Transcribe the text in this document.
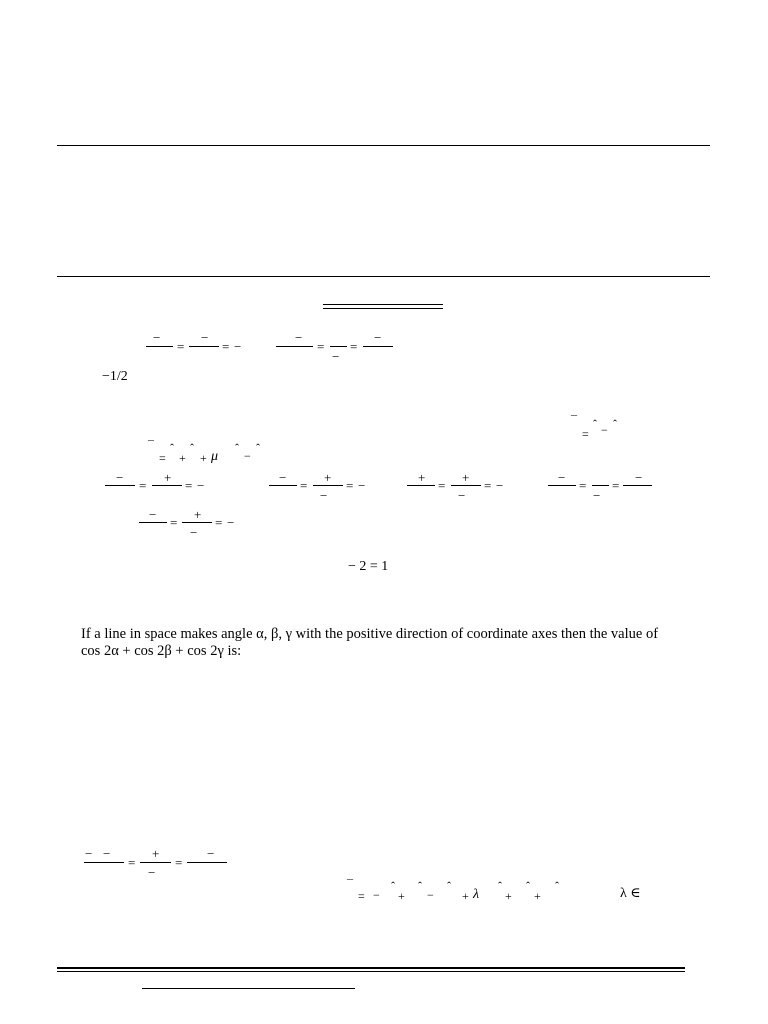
−
=
−
= −
−
=
−
=
−
−1/2
¯
=
ˆ − ˆ
¯
=
ˆ
+
ˆ
+ μ
ˆ
−
ˆ
−
=
+
= −
−
=
+
−
= −
+
=
+
−
= −
−
=
−
=
−
−
=
+
−
= −
− 2 = 1
If a line in space makes angle α, β, γ with the positive direction of coordinate axes then the value of
cos 2α + cos 2β + cos 2γ is:
− −
=
+
−
=
−
¯
= −
ˆ
+
ˆ
−
ˆ
+ λ
ˆ
+
ˆ
+
ˆ	λ ∈
